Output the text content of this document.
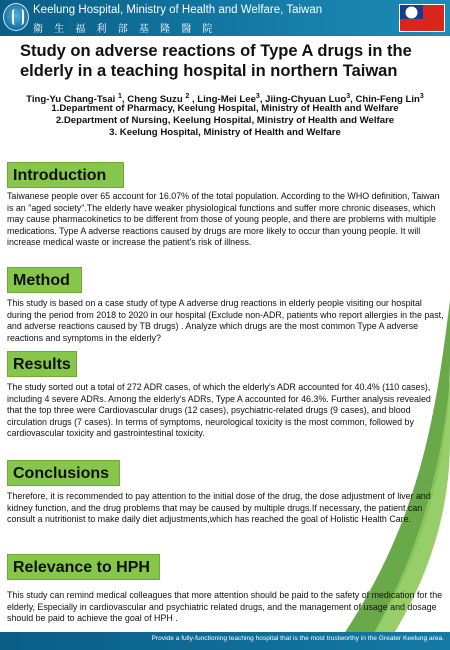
Keelung Hospital, Ministry of Health and Welfare, Taiwan
衛 生 福 利 部 基 隆 醫 院
Study on adverse reactions of Type A drugs in the elderly in a teaching hospital in northern Taiwan
Ting-Yu Chang-Tsai $^1$, Cheng Suzu $^2$ , Ling-Mei Lee$^3$, Jiing-Chyuan Luo$^3$, Chin-Feng Lin$^3$
1.Department of Pharmacy, Keelung Hospital, Ministry of Health and Welfare
2.Department of Nursing, Keelung Hospital, Ministry of Health and Welfare
3. Keelung Hospital, Ministry of Health and Welfare
Introduction
Taiwanese people over 65 account for 16.07% of the total population. According to the WHO definition, Taiwan is an "aged society".The elderly have weaker physiological functions and suffer more chronic diseases, which may cause pharmacokinetics to be different from those of young people, and there are problems with multiple medications. Type A adverse reactions caused by drugs are more likely to occur than young people. It will increase medical waste or increase the patient's risk of illness.
Method
This study is based on a case study of type A adverse drug reactions in elderly people visiting our hospital during the period from 2018 to 2020 in our hospital (Exclude non-ADR, patients who report allergies in the past, and adverse reactions caused by TB drugs) . Analyze which drugs are the most common Type A adverse reactions and symptoms in the elderly?
Results
The study sorted out a total of 272 ADR cases, of which the elderly's ADR accounted for 40.4% (110 cases), including 4 severe ADRs. Among the elderly's ADRs, Type A accounted for 46.3%. Further analysis revealed that the top three were Cardiovascular drugs (12 cases), psychiatric-related drugs (9 cases), and blood circulation drugs (7 cases). In terms of symptoms, neurological toxicity is the most common, followed by cardiovascular toxicity and gastrointestinal toxicity.
Conclusions
Therefore, it is recommended to pay attention to the initial dose of the drug, the dose adjustment of liver and kidney function, and the drug problems that may be caused by multiple drugs.If necessary, the patient can consult a nutritionist to make daily diet adjustments,which has reached the goal of Holistic Health Care.
Relevance to HPH
This study can remind medical colleagues that more attention should be paid to the safety of medication for the elderly, Especially in cardiovascular and psychiatric related drugs, and the management of usage and dosage should be paid to achieve the goal of HPH .
Provide a fully-functioning teaching hospital that is the most trustworthy in the Greater Keelung area.
